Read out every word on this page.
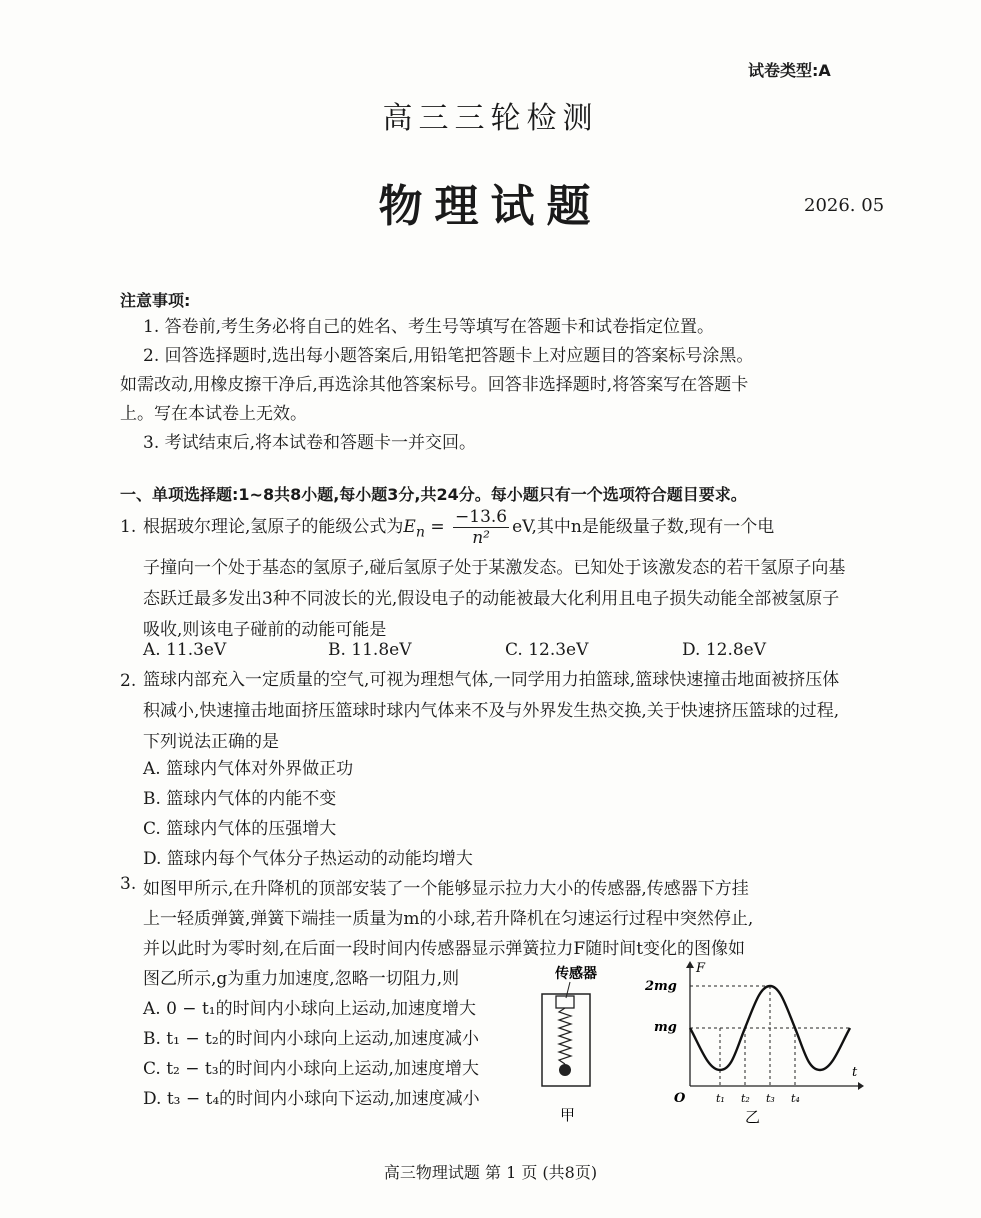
试卷类型:A
高三三轮检测
物理试题	2026. 05
注意事项:
1. 答卷前,考生务必将自己的姓名、考生号等填写在答题卡和试卷指定位置。
2. 回答选择题时,选出每小题答案后,用铅笔把答题卡上对应题目的答案标号涂黑。
如需改动,用橡皮擦干净后,再选涂其他答案标号。回答非选择题时,将答案写在答题卡
上。写在本试卷上无效。
3. 考试结束后,将本试卷和答题卡一并交回。
一、单项选择题:1~8共8小题,每小题3分,共24分。每小题只有一个选项符合题目要求。
1. 根据玻尔理论,氢原子的能级公式为$E_n = \frac{-13.6}{\text{n²}}$ eV,其中n是能级量子数,现有一个电
子撞向一个处于基态的氢原子,碰后氢原子处于某激发态。已知处于该激发态的若干氢原子向基态跃迁最多发出3种不同波长的光,假设电子的动能被最大化利用且电子损失动能全部被氢原子吸收,则该电子碰前的动能可能是
A. 11.3eV	B. 11.8eV	C. 12.3eV	D. 12.8eV
2. 篮球内部充入一定质量的空气,可视为理想气体,一同学用力拍篮球,篮球快速撞击地面被挤压体积减小,快速撞击地面挤压篮球时球内气体来不及与外界发生热交换,关于快速挤压篮球的过程,下列说法正确的是
A. 篮球内气体对外界做正功
B. 篮球内气体的内能不变
C. 篮球内气体的压强增大
D. 篮球内每个气体分子热运动的动能均增大
3. 如图甲所示,在升降机的顶部安装了一个能够显示拉力大小的传感器,传感器下方挂
上一轻质弹簧,弹簧下端挂一质量为m的小球,若升降机在匀速运行过程中突然停止,
并以此时为零时刻,在后面一段时间内传感器显示弹簧拉力F随时间t变化的图像如
图乙所示,g为重力加速度,忽略一切阻力,则
A. 0 − t₁的时间内小球向上运动,加速度增大
B. t₁ − t₂的时间内小球向上运动,加速度减小
C. t₂ − t₃的时间内小球向上运动,加速度增大
D. t₃ − t₄的时间内小球向下运动,加速度减小
传感器
甲
F
t
O
2mg
mg
t₁ t₂ t₃ t₄
乙
高三物理试题 第 1 页 (共8页)
